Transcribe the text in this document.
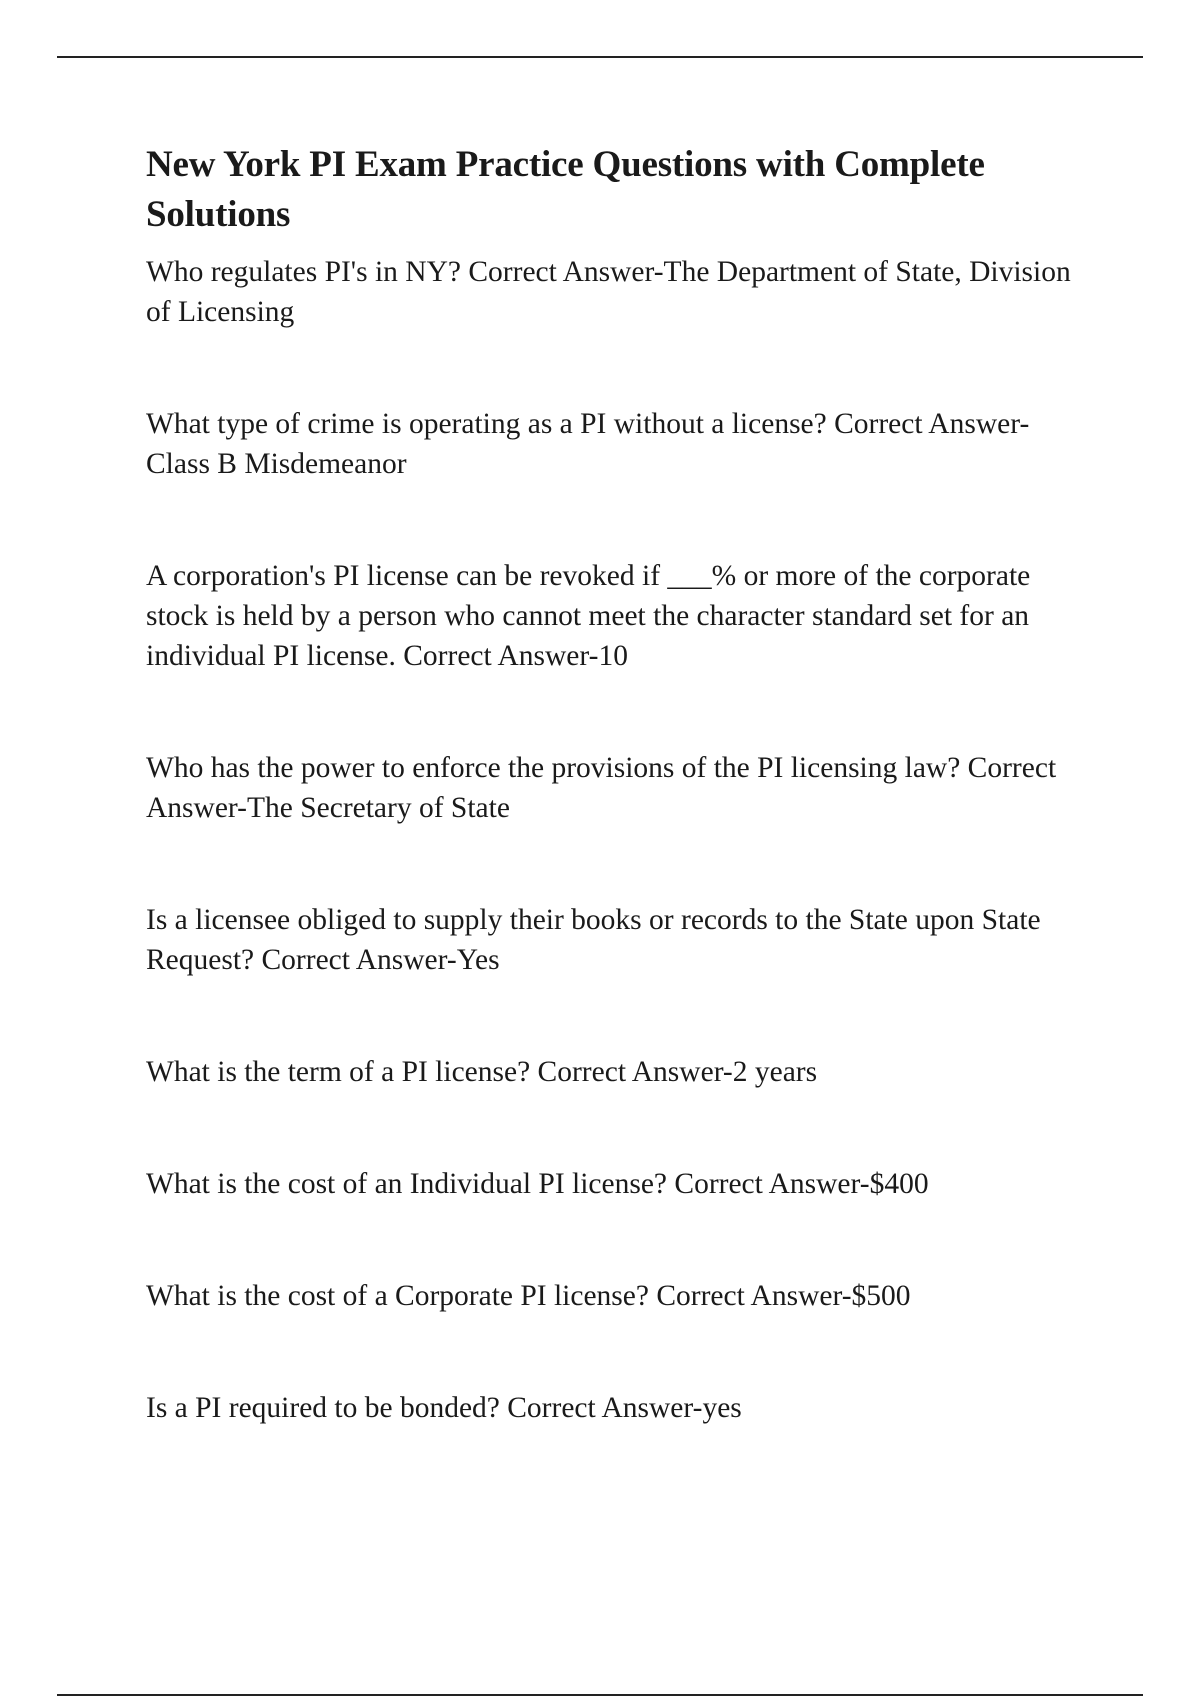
New York PI Exam Practice Questions with Complete Solutions

Who regulates PI's in NY? Correct Answer-The Department of State, Division of Licensing

What type of crime is operating as a PI without a license? Correct Answer-Class B Misdemeanor

A corporation's PI license can be revoked if ___% or more of the corporate stock is held by a person who cannot meet the character standard set for an individual PI license. Correct Answer-10

Who has the power to enforce the provisions of the PI licensing law? Correct Answer-The Secretary of State

Is a licensee obliged to supply their books or records to the State upon State Request? Correct Answer-Yes

What is the term of a PI license? Correct Answer-2 years

What is the cost of an Individual PI license? Correct Answer-$400

What is the cost of a Corporate PI license? Correct Answer-$500

Is a PI required to be bonded? Correct Answer-yes
